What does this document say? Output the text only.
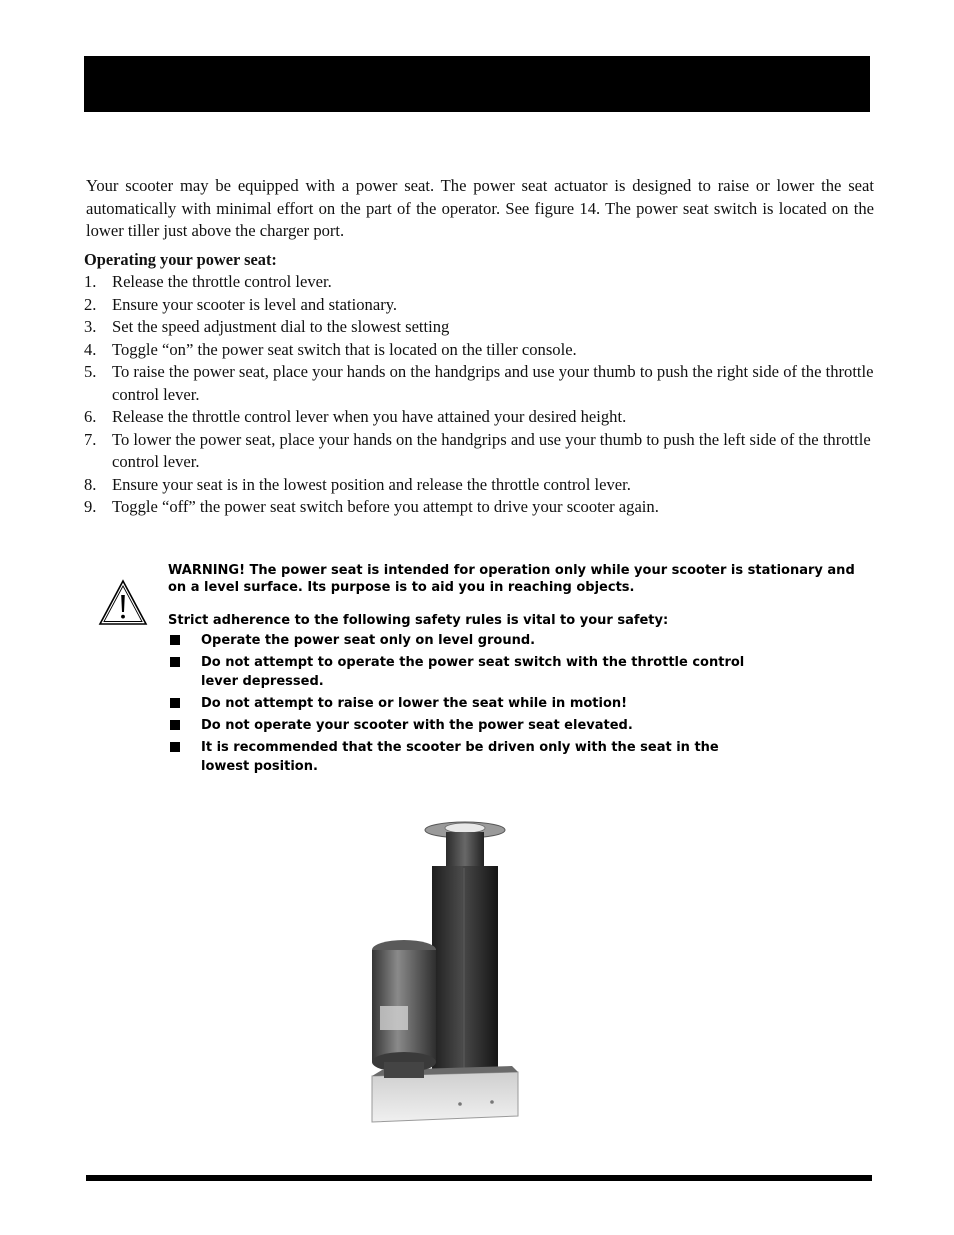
Your scooter may be equipped with a power seat. The power seat actuator is designed to raise or lower the seat automatically with minimal effort on the part of the operator. See figure 14. The power seat switch is located on the lower tiller just above the charger port.

Operating your power seat:
1. Release the throttle control lever.
2. Ensure your scooter is level and stationary.
3. Set the speed adjustment dial to the slowest setting
4. Toggle “on” the power seat switch that is located on the tiller console.
5. To raise the power seat, place your hands on the handgrips and use your thumb to push the right side of the throttle control lever.
6. Release the throttle control lever when you have attained your desired height.
7. To lower the power seat, place your hands on the handgrips and use your thumb to push the left side of the throttle control lever.
8. Ensure your seat is in the lowest position and release the throttle control lever.
9. Toggle “off” the power seat switch before you attempt to drive your scooter again.

WARNING! The power seat is intended for operation only while your scooter is stationary and on a level surface. Its purpose is to aid you in reaching objects.

Strict adherence to the following safety rules is vital to your safety:

Operate the power seat only on level ground.
Do not attempt to operate the power seat switch with the throttle control lever depressed.
Do not attempt to raise or lower the seat while in motion!
Do not operate your scooter with the power seat elevated.
It is recommended that the scooter be driven only with the seat in the lowest position.
